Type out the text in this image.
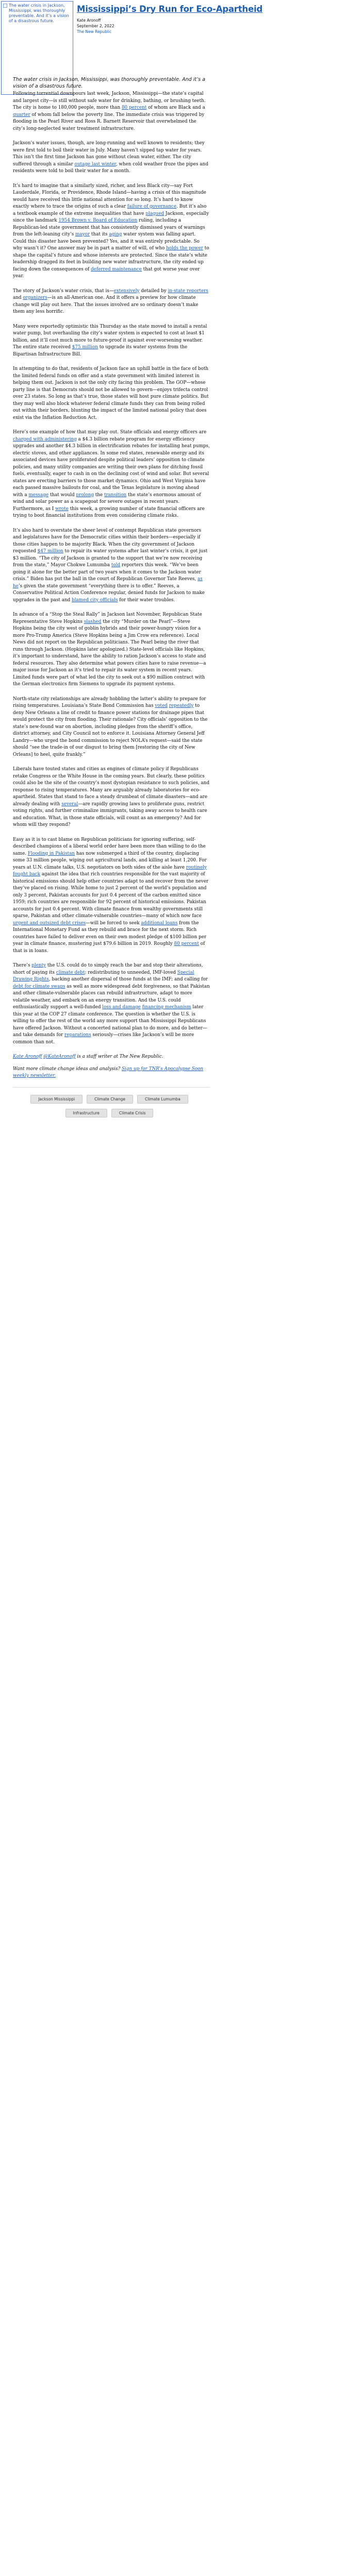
The water crisis in Jackson, Mississippi, was thoroughly preventable. And it’s a vision of a disastrous future.
Mississippi’s Dry Run for Eco-Apartheid
Kate Aronoff
September 2, 2022
The New Republic

The water crisis in Jackson, Mississippi, was thoroughly preventable. And it’s a vision of a disastrous future.

Following torrential downpours last week, Jackson, Mississippi—the state’s capital and largest city—is still without safe water for drinking, bathing, or brushing teeth. The city is home to 180,000 people, more than 80 percent of whom are Black and a quarter of whom fall below the poverty line. The immediate crisis was triggered by flooding in the Pearl River and Ross R. Barnett Reservoir that overwhelmed the city’s long-neglected water treatment infrastructure.

Jackson’s water issues, though, are long-running and well known to residents; they were first told to boil their water in July. Many haven’t sipped tap water for years. This isn’t the first time Jackson has gone without clean water, either. The city suffered through a similar outage last winter, when cold weather froze the pipes and residents were told to boil their water for a month.

It’s hard to imagine that a similarly sized, richer, and less Black city—say Fort Lauderdale, Florida, or Providence, Rhode Island—having a crisis of this magnitude would have received this little national attention for so long. It’s hard to know exactly where to trace the origins of such a clear failure of governance. But it’s also a textbook example of the extreme inequalities that have plagued Jackson, especially since the landmark 1954 Brown v. Board of Education ruling, including a Republican-led state government that has consistently dismissed years of warnings from the left-leaning city’s mayor that its aging water system was falling apart. Could this disaster have been prevented? Yes, and it was entirely predictable. So why wasn’t it? One answer may be in part a matter of will, of who holds the power to shape the capital’s future and whose interests are protected. Since the state’s white leadership dragged its feet in building new water infrastructure, the city ended up facing down the consequences of deferred maintenance that got worse year over year.

The story of Jackson’s water crisis, that is—extensively detailed by in-state reporters and organizers—is an all-American one. And it offers a preview for how climate change will play out here. That the issues involved are so ordinary doesn’t make them any less horrific.

Many were reportedly optimistic this Thursday as the state moved to install a rental water pump, but overhauling the city’s water system is expected to cost at least $1 billion, and it’ll cost much more to future-proof it against ever-worsening weather. The entire state received $75 million to upgrade its water systems from the Bipartisan Infrastructure Bill.

In attempting to do that, residents of Jackson face an uphill battle in the face of both the limited federal funds on offer and a state government with limited interest in helping them out. Jackson is not the only city facing this problem. The GOP—whose party line is that Democrats should not be allowed to govern—enjoys trifecta control over 23 states. So long as that’s true, those states will host pure climate politics. But they may well also block whatever federal climate funds they can from being rolled out within their borders, blunting the impact of the limited national policy that does exist via the Inflation Reduction Act.

Here’s one example of how that may play out. State officials and energy officers are charged with administering a $4.3 billion rebate program for energy efficiency upgrades and another $4.3 billion in electrification rebates for installing heat pumps, electric stoves, and other appliances. In some red states, renewable energy and its associated devices have proliferated despite political leaders’ opposition to climate policies, and many utility companies are writing their own plans for ditching fossil fuels, eventually, eager to cash in on the declining cost of wind and solar. But several states are erecting barriers to those market dynamics. Ohio and West Virginia have each passed massive bailouts for coal, and the Texas legislature is moving ahead with a message that would prolong the transition the state’s enormous amount of wind and solar power as a scapegoat for severe outages in recent years. Furthermore, as I wrote this week, a growing number of state financial officers are trying to boot financial institutions from even considering climate risks.

It’s also hard to overstate the sheer level of contempt Republican state governors and legislatures have for the Democratic cities within their borders—especially if those cities happen to be majority Black. When the city government of Jackson requested $47 million to repair its water systems after last winter’s crisis, it got just $3 million. “The city of Jackson is granted to the support that we’re now receiving from the state,” Mayor Chokwe Lumumba told reporters this week. “We’ve been going it alone for the better part of two years when it comes to the Jackson water crisis.” Biden has put the ball in the court of Republican Governor Tate Reeves, as he’s given the state government “everything there is to offer.” Reeves, a Conservative Political Action Conference regular, denied funds for Jackson to make upgrades in the past and blamed city officials for their water troubles.

In advance of a “Stop the Steal Rally” in Jackson last November, Republican State Representative Steve Hopkins slashed the city “Murder on the Pearl”—Steve Hopkins being the city west of goblin hybrids and their power-hungry vision for a more Pro-Trump America (Steve Hopkins being a Jim Crow era reference). Local News did not report on the Republican politicians. The Pearl being the river that runs through Jackson. (Hopkins later apologized.) State-level officials like Hopkins, it’s important to understand, have the ability to ration Jackson’s access to state and federal resources. They also determine what powers cities have to raise revenue—a major issue for Jackson as it’s tried to repair its water system in recent years. Limited funds were part of what led the city to seek out a $90 million contract with the German electronics firm Siemens to upgrade its payment systems.

North-state city relationships are already hobbling the latter’s ability to prepare for rising temperatures. Louisiana’s State Bond Commission has voted repeatedly to deny New Orleans a line of credit to finance power stations for drainage pipes that would protect the city from flooding. Their rationale? City officials’ opposition to the state’s new-found war on abortion, including pledges from the sheriff’s office, district attorney, and City Council not to enforce it. Louisiana Attorney General Jeff Landry—who urged the bond commission to reject NOLA’s request—said the state should “see the trade-in of our disgust to bring them [restoring the city of New Orleans] to heel, quite frankly.”

Liberals have touted states and cities as engines of climate policy if Republicans retake Congress or the White House in the coming years. But clearly, these politics could also be the site of the country’s most dystopian resistance to such policies, and response to rising temperatures. Many are arguably already laboratories for eco-apartheid. States that stand to face a steady drumbeat of climate disasters—and are already dealing with several—are rapidly growing laws to proliferate guns, restrict voting rights, and further criminalize immigrants, taking away access to health care and education. What, in those state officials, will count as an emergency? And for whom will they respond?

Easy as it is to cast blame on Republican politicians for ignoring suffering, self-described champions of a liberal world order have been more than willing to do the same. Flooding in Pakistan has now submerged a third of the country, displacing some 33 million people, wiping out agricultural lands, and killing at least 1,200. For years at U.N. climate talks, U.S. negotiators on both sides of the aisle have routinely fought back against the idea that rich countries responsible for the vast majority of historical emissions should help other countries adapt to and recover from the never they’ve placed on rising. While home to just 2 percent of the world’s population and only 3 percent, Pakistan accounts for just 0.4 percent of the carbon emitted since 1959; rich countries are responsible for 92 percent of historical emissions. Pakistan accounts for just 0.4 percent. With climate finance from wealthy governments still sparse, Pakistan and other climate-vulnerable countries—many of which now face urgent and outsized debt crises—will be forced to seek additional loans from the International Monetary Fund as they rebuild and brace for the next storm. Rich countries have failed to deliver even on their own modest pledge of $100 billion per year in climate finance, mustering just $79.6 billion in 2019. Roughly 80 percent of that is in loans.

There’s plenty the U.S. could do to simply reach the bar and stop their alterations, short of paying its climate debt: redistributing to unneeded, IMF-loved Special Drawing Rights, backing another dispersal of those funds at the IMF; and calling for debt for climate swaps as well as more widespread debt forgiveness, so that Pakistan and other climate-vulnerable places can rebuild infrastructure, adapt to more volatile weather, and embark on an energy transition. And the U.S. could enthusiastically support a well-funded loss and damage financing mechanism later this year at the COP 27 climate conference. The question is whether the U.S. is willing to offer the rest of the world any more support than Mississippi Republicans have offered Jackson. Without a concerted national plan to do more, and do better—and take demands for reparations seriously—crises like Jackson’s will be more common than not.

Kate Aronoff @KateAronoff is a staff writer at The New Republic.

Want more climate change ideas and analysis? Sign up for TNR’s Apocalypse Soon weekly newsletter.

Jackson Mississippi	Climate Change	Climate LumumbaInfrastructure	Climate Crisis
